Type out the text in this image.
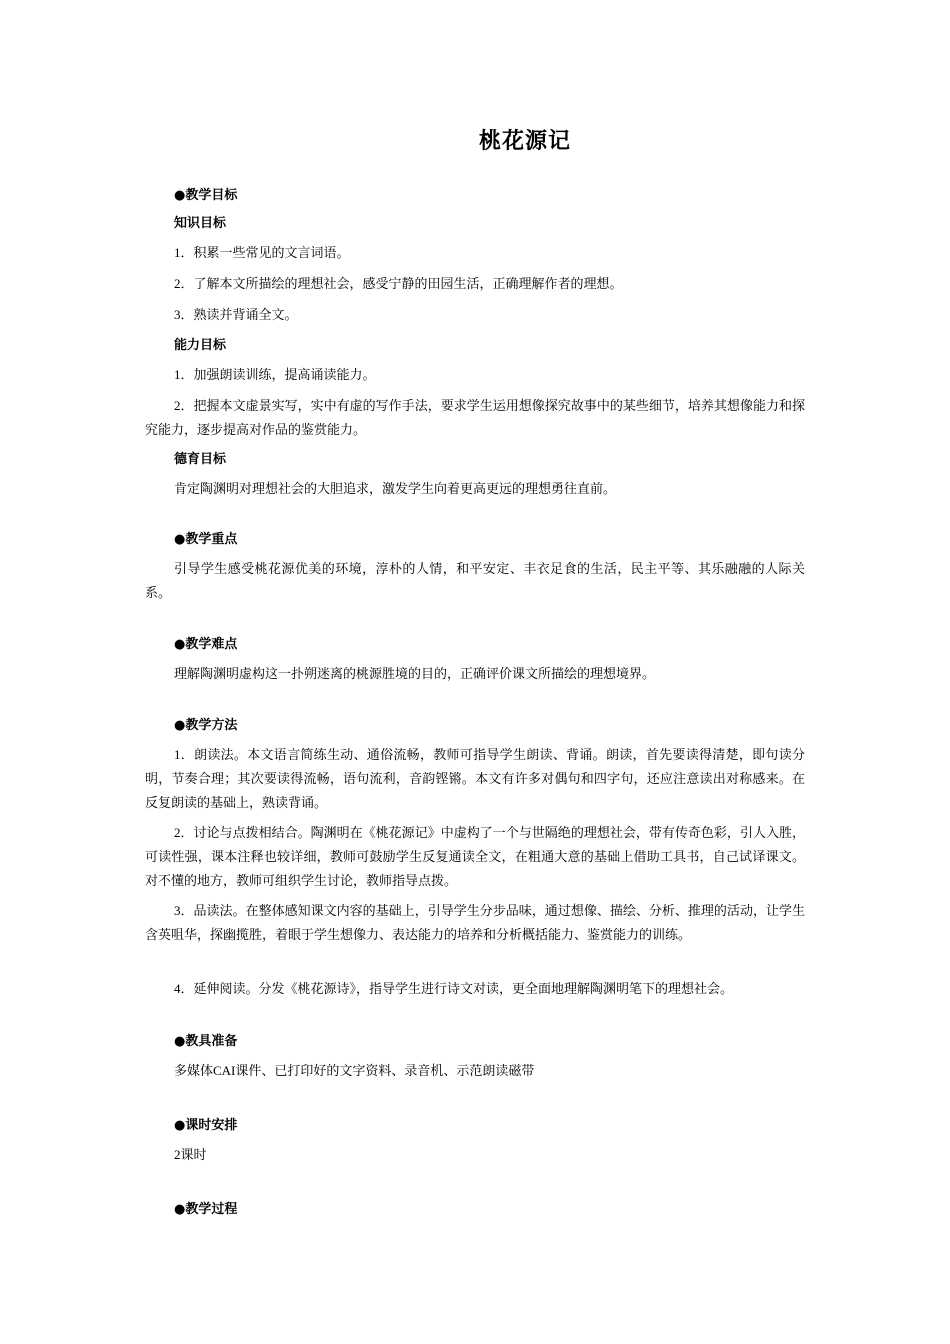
桃花源记
●教学目标
知识目标
1．积累一些常见的文言词语。
2．了解本文所描绘的理想社会，感受宁静的田园生活，正确理解作者的理想。
3．熟读并背诵全文。
能力目标
1．加强朗读训练，提高诵读能力。
2．把握本文虚景实写，实中有虚的写作手法，要求学生运用想像探究故事中的某些细节，培养其想像能力和探究能力，逐步提高对作品的鉴赏能力。
德育目标
肯定陶渊明对理想社会的大胆追求，激发学生向着更高更远的理想勇往直前。
●教学重点
引导学生感受桃花源优美的环境，淳朴的人情，和平安定、丰衣足食的生活，民主平等、其乐融融的人际关系。
●教学难点
理解陶渊明虚构这一扑朔迷离的桃源胜境的目的，正确评价课文所描绘的理想境界。
●教学方法
1．朗读法。本文语言简练生动、通俗流畅，教师可指导学生朗读、背诵。朗读，首先要读得清楚，即句读分明，节奏合理；其次要读得流畅，语句流利，音韵铿锵。本文有许多对偶句和四字句，还应注意读出对称感来。在反复朗读的基础上，熟读背诵。
2．讨论与点拨相结合。陶渊明在《桃花源记》中虚构了一个与世隔绝的理想社会，带有传奇色彩，引人入胜，可读性强，课本注释也较详细，教师可鼓励学生反复通读全文，在粗通大意的基础上借助工具书，自己试译课文。对不懂的地方，教师可组织学生讨论，教师指导点拨。
3．品读法。在整体感知课文内容的基础上，引导学生分步品味，通过想像、描绘、分析、推理的活动，让学生含英咀华，探幽揽胜，着眼于学生想像力、表达能力的培养和分析概括能力、鉴赏能力的训练。
4．延伸阅读。分发《桃花源诗》，指导学生进行诗文对读，更全面地理解陶渊明笔下的理想社会。
●教具准备
多媒体CAI课件、已打印好的文字资料、录音机、示范朗读磁带
●课时安排
2课时
●教学过程
